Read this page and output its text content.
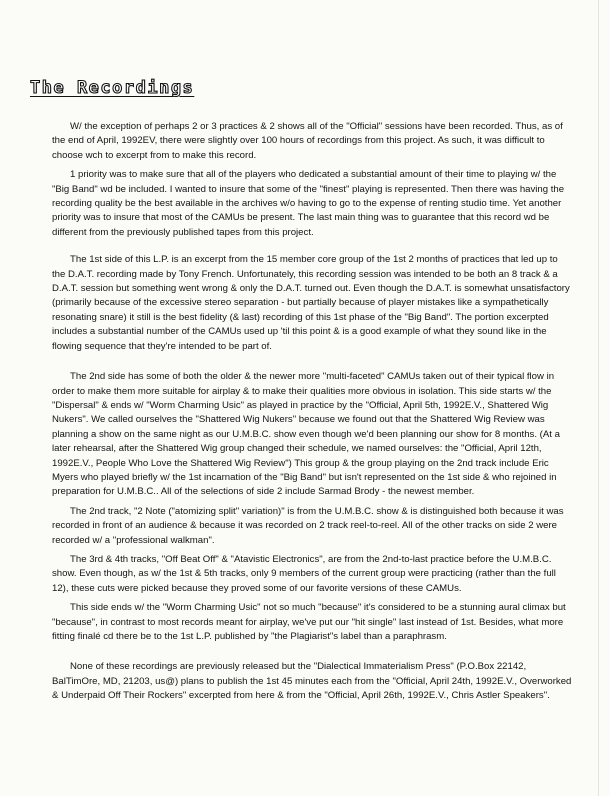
The Recordings

W/ the exception of perhaps 2 or 3 practices & 2 shows all of the "Official" sessions have been recorded. Thus, as of the end of April, 1992EV, there were slightly over 100 hours of recordings from this project. As such, it was difficult to choose wch to excerpt from to make this record.

1 priority was to make sure that all of the players who dedicated a substantial amount of their time to playing w/ the "Big Band" wd be included. I wanted to insure that some of the "finest" playing is represented. Then there was having the recording quality be the best available in the archives w/o having to go to the expense of renting studio time. Yet another priority was to insure that most of the CAMUs be present. The last main thing was to guarantee that this record wd be different from the previously published tapes from this project.

The 1st side of this L.P. is an excerpt from the 15 member core group of the 1st 2 months of practices that led up to the D.A.T. recording made by Tony French. Unfortunately, this recording session was intended to be both an 8 track & a D.A.T. session but something went wrong & only the D.A.T. turned out. Even though the D.A.T. is somewhat unsatisfactory (primarily because of the excessive stereo separation - but partially because of player mistakes like a sympathetically resonating snare) it still is the best fidelity (& last) recording of this 1st phase of the "Big Band". The portion excerpted includes a substantial number of the CAMUs used up 'til this point & is a good example of what they sound like in the flowing sequence that they're intended to be part of.

The 2nd side has some of both the older & the newer more "multi-faceted" CAMUs taken out of their typical flow in order to make them more suitable for airplay & to make their qualities more obvious in isolation. This side starts w/ the "Dispersal" & ends w/ "Worm Charming Usic" as played in practice by the "Official, April 5th, 1992E.V., Shattered Wig Nukers". We called ourselves the "Shattered Wig Nukers" because we found out that the Shattered Wig Review was planning a show on the same night as our U.M.B.C. show even though we'd been planning our show for 8 months. (At a later rehearsal, after the Shattered Wig group changed their schedule, we named ourselves: the "Official, April 12th, 1992E.V., People Who Love the Shattered Wig Review") This group & the group playing on the 2nd track include Eric Myers who played briefly w/ the 1st incarnation of the "Big Band" but isn't represented on the 1st side & who rejoined in preparation for U.M.B.C.. All of the selections of side 2 include Sarmad Brody - the newest member.

The 2nd track, "2 Note ("atomizing split" variation)" is from the U.M.B.C. show & is distinguished both because it was recorded in front of an audience & because it was recorded on 2 track reel-to-reel. All of the other tracks on side 2 were recorded w/ a "professional walkman".

The 3rd & 4th tracks, "Off Beat Off" & "Atavistic Electronics", are from the 2nd-to-last practice before the U.M.B.C. show. Even though, as w/ the 1st & 5th tracks, only 9 members of the current group were practicing (rather than the full 12), these cuts were picked because they proved some of our favorite versions of these CAMUs.

This side ends w/ the "Worm Charming Usic" not so much "because" it's considered to be a stunning aural climax but "because", in contrast to most records meant for airplay, we've put our "hit single" last instead of 1st. Besides, what more fitting finalé cd there be to the 1st L.P. published by "the Plagiarist"s label than a paraphrasm.

None of these recordings are previously released but the "Dialectical Immaterialism Press" (P.O.Box 22142, BalTimOre, MD, 21203, us@) plans to publish the 1st 45 minutes each from the "Official, April 24th, 1992E.V., Overworked & Underpaid Off Their Rockers" excerpted from here & from the "Official, April 26th, 1992E.V., Chris Astler Speakers".
